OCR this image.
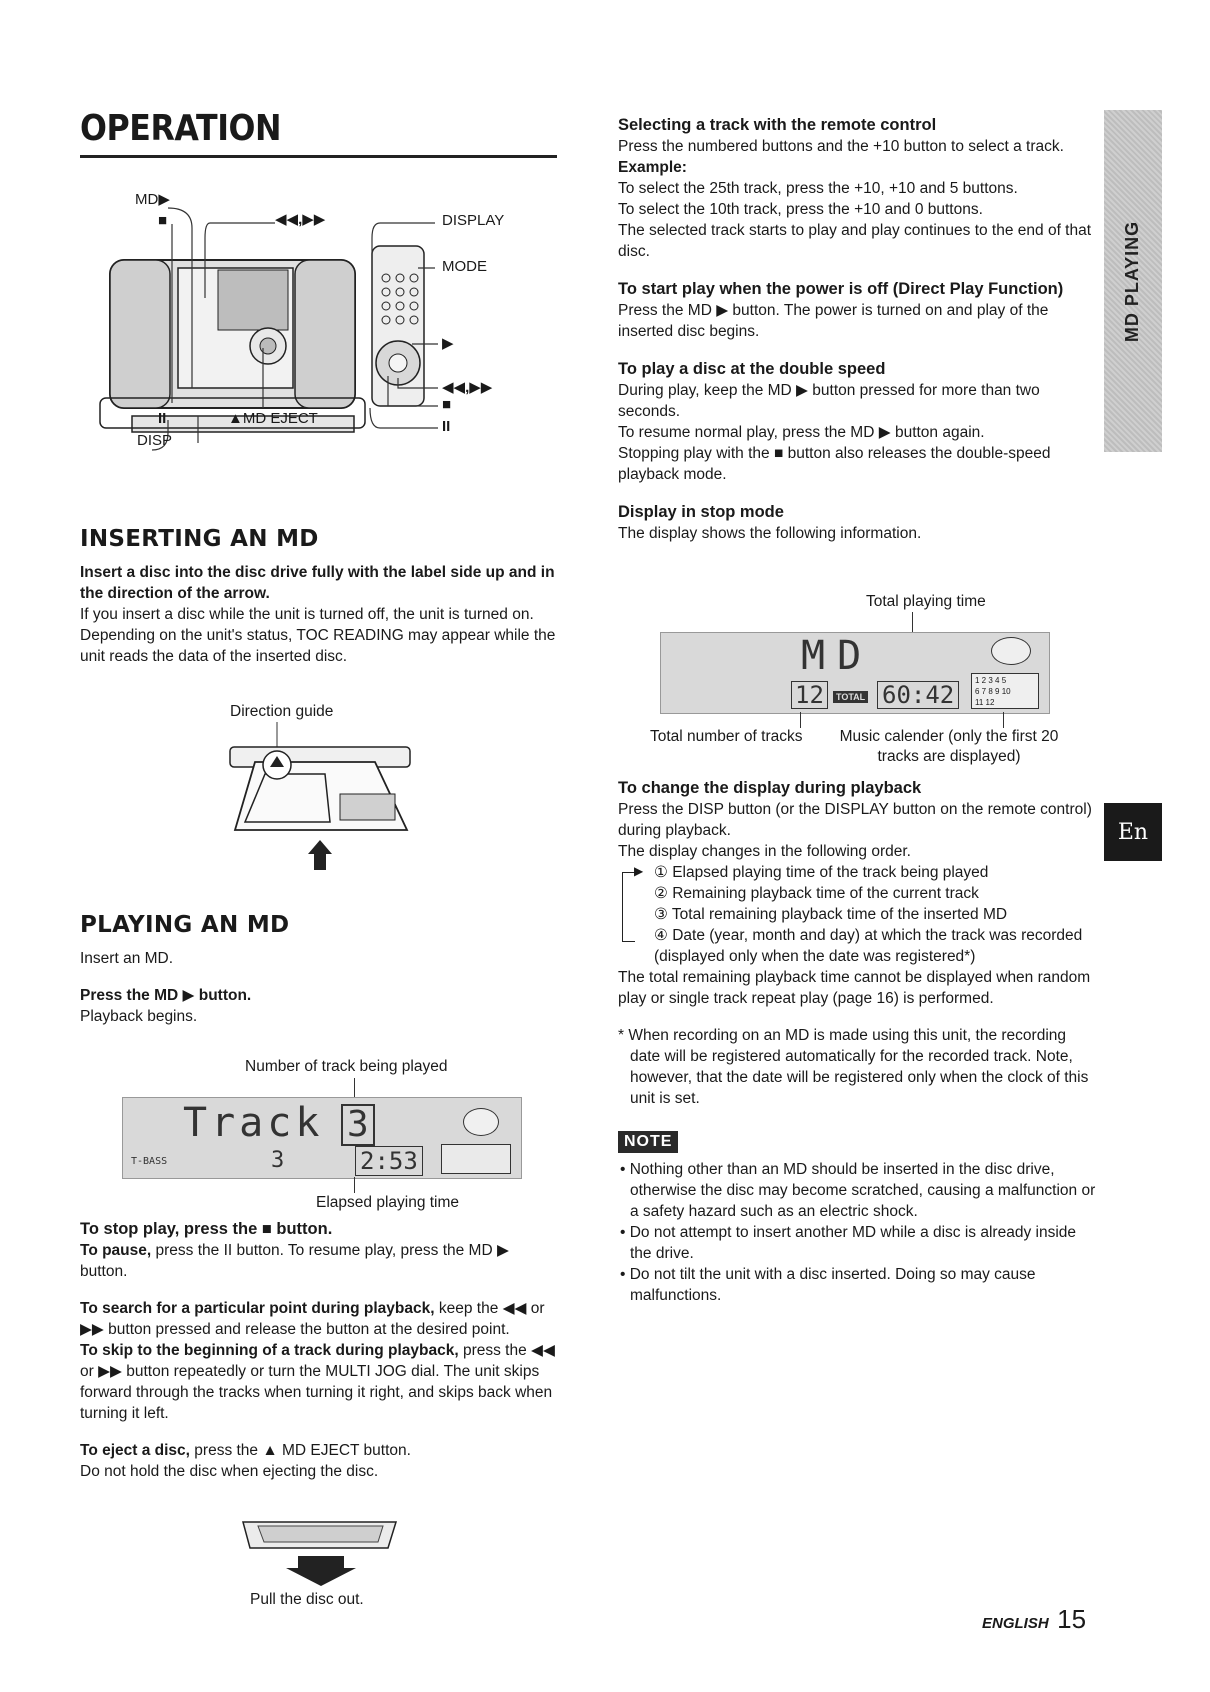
OPERATION
MD▶
■	◀◀,▶▶	DISPLAY
MODE
▶
◀◀,▶▶
■
II
II	▲MD EJECT
DISP
INSERTING AN MD

Insert a disc into the disc drive fully with the label side up and in the direction of the arrow.

If you insert a disc while the unit is turned off, the unit is turned on.

Depending on the unit's status, TOC READING may appear while the unit reads the data of the inserted disc.

Direction guide
PLAYING AN MD

Insert an MD.

Press the MD ▶ button.

Playback begins.

Number of track being played
Track 3
T-BASS	3	2:53
Elapsed playing time

To stop play, press the ■ button.

To pause, press the II button. To resume play, press the MD ▶ button.

To search for a particular point during playback, keep the ◀◀ or ▶▶ button pressed and release the button at the desired point.

To skip to the beginning of a track during playback, press the ◀◀ or ▶▶ button repeatedly or turn the MULTI JOG dial. The unit skips forward through the tracks when turning it right, and skips back when turning it left.

To eject a disc, press the ▲ MD EJECT button.

Do not hold the disc when ejecting the disc.

Pull the disc out.

Selecting a track with the remote control

Press the numbered buttons and the +10 button to select a track.

Example:

To select the 25th track, press the +10, +10 and 5 buttons.

To select the 10th track, press the +10 and 0 buttons.

The selected track starts to play and play continues to the end of that disc.

To start play when the power is off (Direct Play Function)

Press the MD ▶ button. The power is turned on and play of the inserted disc begins.

To play a disc at the double speed

During play, keep the MD ▶ button pressed for more than two seconds.

To resume normal play, press the MD ▶ button again.

Stopping play with the ■ button also releases the double-speed playback mode.

Display in stop mode

The display shows the following information.

Total playing time
MD
12	TOTAL 60:42
1 2 3 4 5
6 7 8 9 10
11 12
Total number of tracks	Music calender (only the first 20 tracks are displayed)

To change the display during playback

Press the DISP button (or the DISPLAY button on the remote control) during playback.

The display changes in the following order.

▶ ① Elapsed playing time of the track being played

② Remaining playback time of the current track

③ Total remaining playback time of the inserted MD

④ Date (year, month and day) at which the track was recorded (displayed only when the date was registered*)

The total remaining playback time cannot be displayed when random play or single track repeat play (page 16) is performed.

* When recording on an MD is made using this unit, the recording date will be registered automatically for the recorded track. Note, however, that the date will be registered only when the clock of this unit is set.

NOTE
• Nothing other than an MD should be inserted in the disc drive, otherwise the disc may become scratched, causing a malfunction or a safety hazard such as an electric shock.
• Do not attempt to insert another MD while a disc is already inside the drive.
• Do not tilt the unit with a disc inserted. Doing so may cause malfunctions.
MD PLAYING
En
ENGLISH 15
